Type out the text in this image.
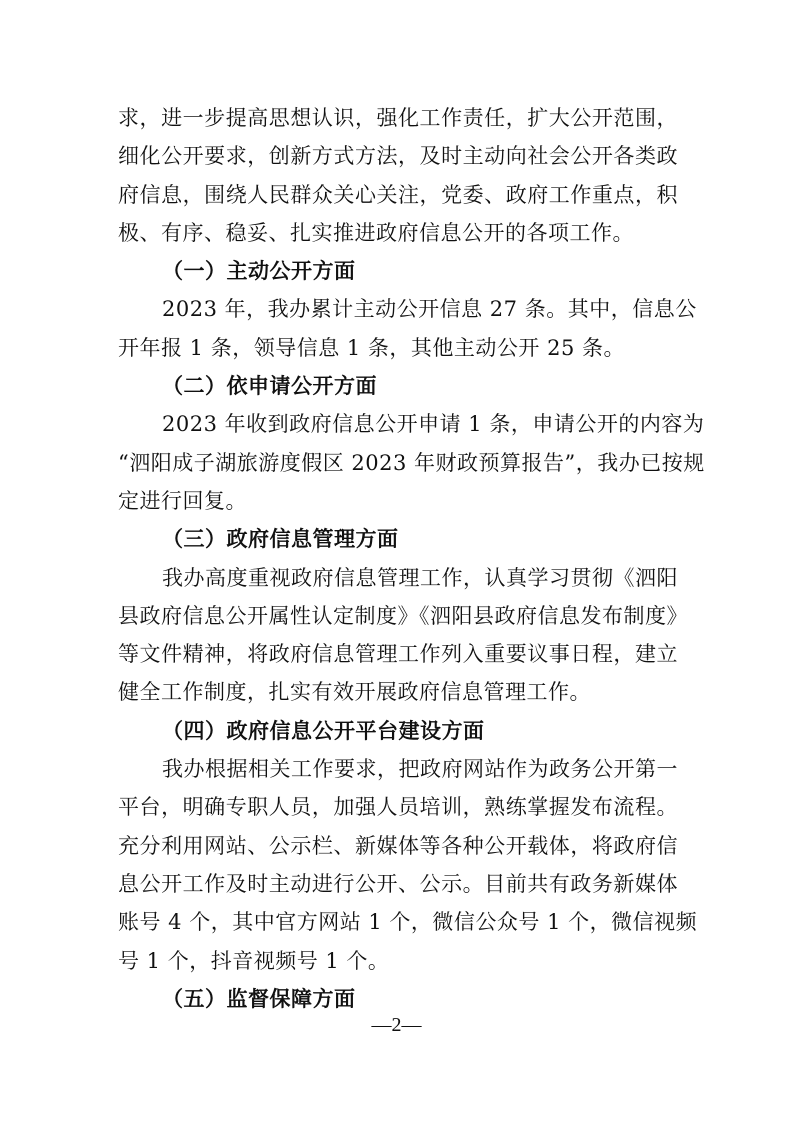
求，进一步提高思想认识，强化工作责任，扩大公开范围，
细化公开要求，创新方式方法，及时主动向社会公开各类政
府信息，围绕人民群众关心关注，党委、政府工作重点，积
极、有序、稳妥、扎实推进政府信息公开的各项工作。
（一）主动公开方面
2023 年，我办累计主动公开信息 27 条。其中，信息公
开年报 1 条，领导信息 1 条，其他主动公开 25 条。
（二）依申请公开方面
2023 年收到政府信息公开申请 1 条，申请公开的内容为
“泗阳成子湖旅游度假区 2023 年财政预算报告”，我办已按规
定进行回复。
（三）政府信息管理方面
我办高度重视政府信息管理工作，认真学习贯彻《泗阳
县政府信息公开属性认定制度》《泗阳县政府信息发布制度》
等文件精神，将政府信息管理工作列入重要议事日程，建立
健全工作制度，扎实有效开展政府信息管理工作。
（四）政府信息公开平台建设方面
我办根据相关工作要求，把政府网站作为政务公开第一
平台，明确专职人员，加强人员培训，熟练掌握发布流程。
充分利用网站、公示栏、新媒体等各种公开载体，将政府信
息公开工作及时主动进行公开、公示。目前共有政务新媒体
账号 4 个，其中官方网站 1 个，微信公众号 1 个，微信视频
号 1 个，抖音视频号 1 个。
（五）监督保障方面
—2—
